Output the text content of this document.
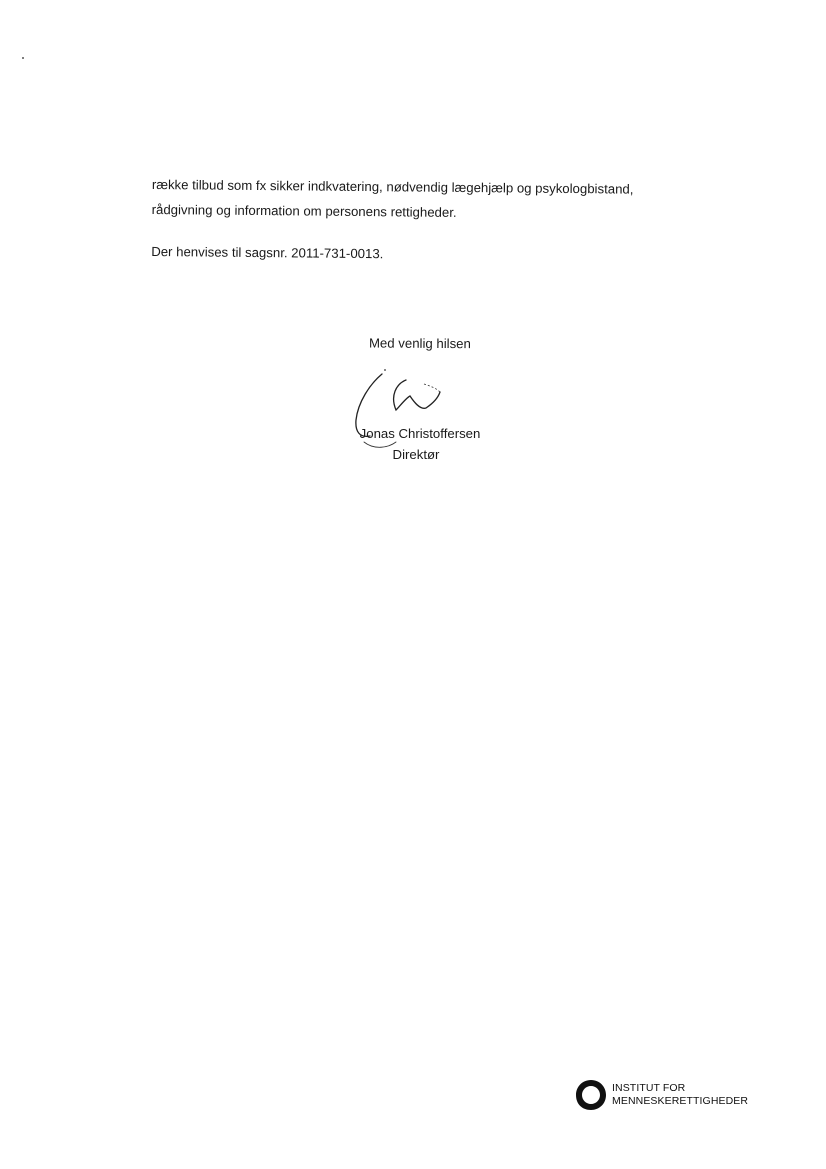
række tilbud som fx sikker indkvatering, nødvendig lægehjælp og psykologbistand,

rådgivning og information om personens rettigheder.

Der henvises til sagsnr. 2011-731-0013.

Med venlig hilsen
Jonas Christoffersen
Direktør
INSTITUT FOR
MENNESKERETTIGHEDER
